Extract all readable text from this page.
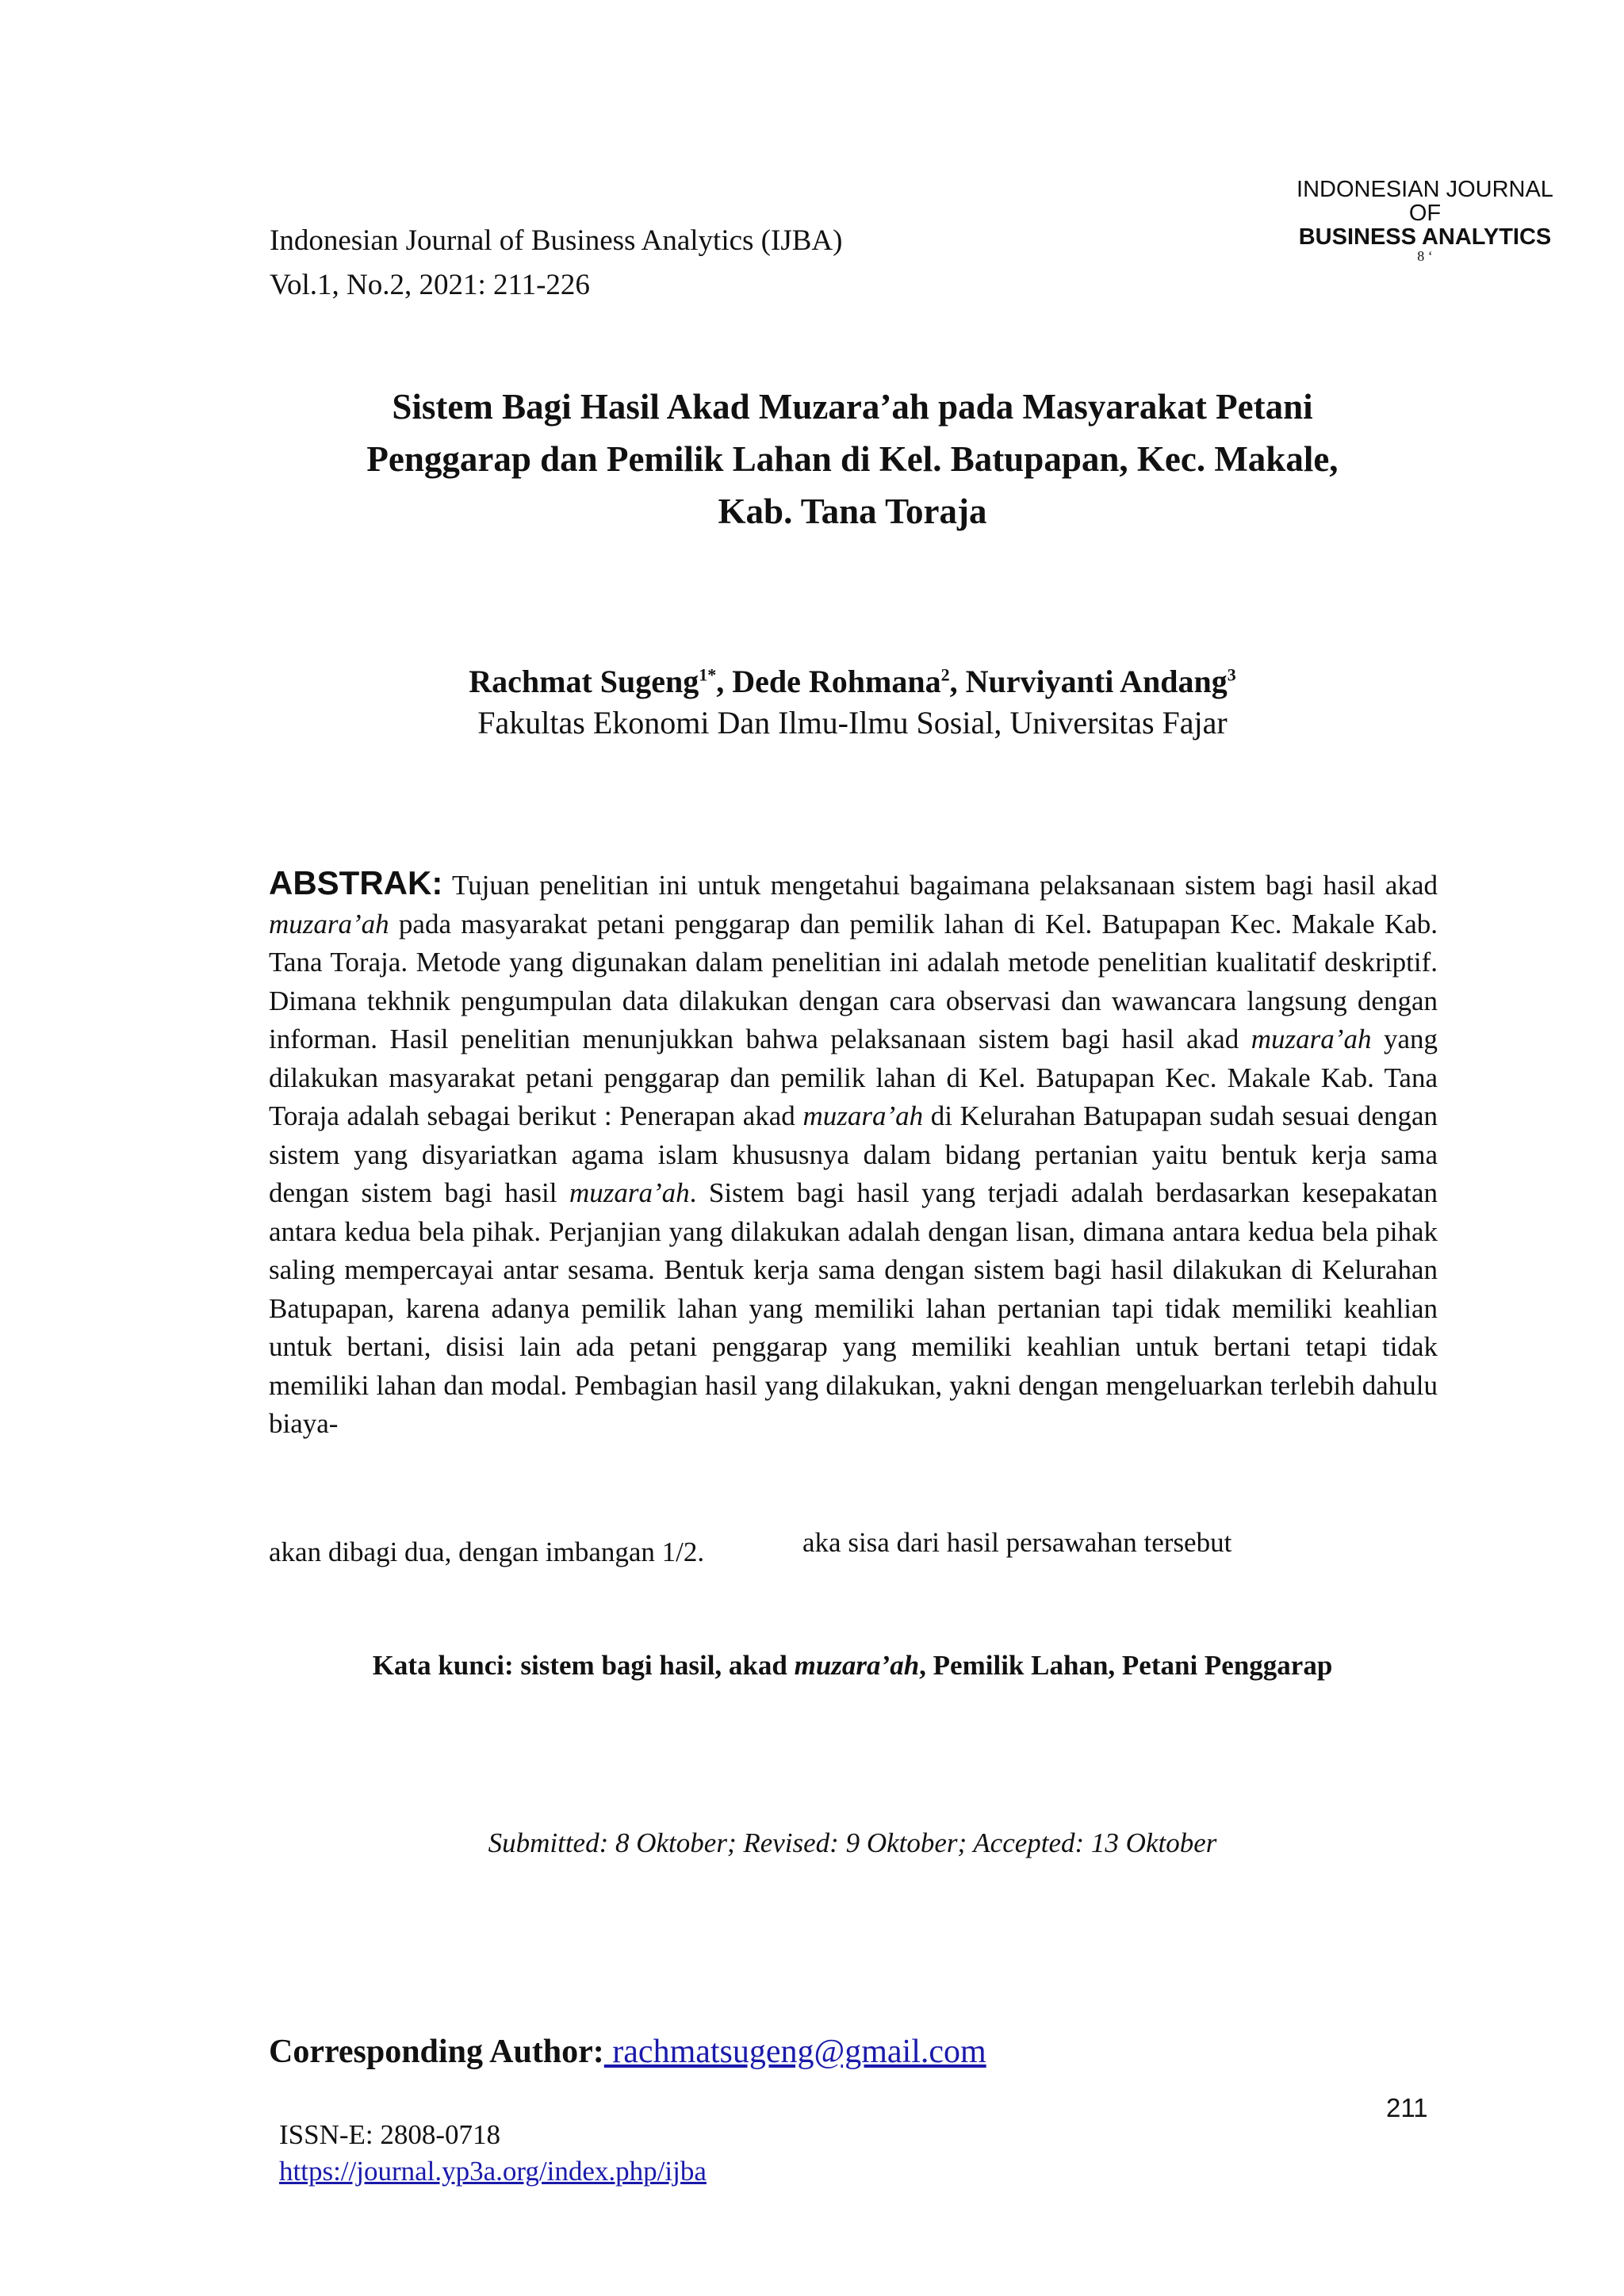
Indonesian Journal of Business Analytics (IJBA)
Vol.1, No.2, 2021: 211-226
INDONESIAN JOURNAL
OF
BUSINESS ANALYTICS
8 ‘
Sistem Bagi Hasil Akad Muzara’ah pada Masyarakat Petani
Penggarap dan Pemilik Lahan di Kel. Batupapan, Kec. Makale,
Kab. Tana Toraja
Rachmat Sugeng$^{1*}$, Dede Rohmana$^2$, Nurviyanti Andang$^3$
Fakultas Ekonomi Dan Ilmu-Ilmu Sosial, Universitas Fajar

ABSTRAK: Tujuan penelitian ini untuk mengetahui bagaimana pelaksanaan sistem bagi hasil akad muzara’ah pada masyarakat petani penggarap dan pemilik lahan di Kel. Batupapan Kec. Makale Kab. Tana Toraja. Metode yang digunakan dalam penelitian ini adalah metode penelitian kualitatif deskriptif. Dimana tekhnik pengumpulan data dilakukan dengan cara observasi dan wawancara langsung dengan informan. Hasil penelitian menunjukkan bahwa pelaksanaan sistem bagi hasil akad muzara’ah yang dilakukan masyarakat petani penggarap dan pemilik lahan di Kel. Batupapan Kec. Makale Kab. Tana Toraja adalah sebagai berikut : Penerapan akad muzara’ah di Kelurahan Batupapan sudah sesuai dengan sistem yang disyariatkan agama islam khususnya dalam bidang pertanian yaitu bentuk kerja sama dengan sistem bagi hasil muzara’ah. Sistem bagi hasil yang terjadi adalah berdasarkan kesepakatan antara kedua bela pihak. Perjanjian yang dilakukan adalah dengan lisan, dimana antara kedua bela pihak saling mempercayai antar sesama. Bentuk kerja sama dengan sistem bagi hasil dilakukan di Kelurahan Batupapan, karena adanya pemilik lahan yang memiliki lahan pertanian tapi tidak memiliki keahlian untuk bertani, disisi lain ada petani penggarap yang memiliki keahlian untuk bertani tetapi tidak memiliki lahan dan modal. Pembagian hasil yang dilakukan, yakni dengan mengeluarkan terlebih dahulu biaya-

akan dibagi dua, dengan imbangan 1/2.	aka sisa dari hasil persawahan tersebut
Kata kunci: sistem bagi hasil, akad muzara’ah, Pemilik Lahan, Petani Penggarap
Submitted: 8 Oktober; Revised: 9 Oktober; Accepted: 13 Oktober
Corresponding Author: rachmatsugeng@gmail.com
ISSN-E: 2808-0718
https://journal.yp3a.org/index.php/ijba
211
